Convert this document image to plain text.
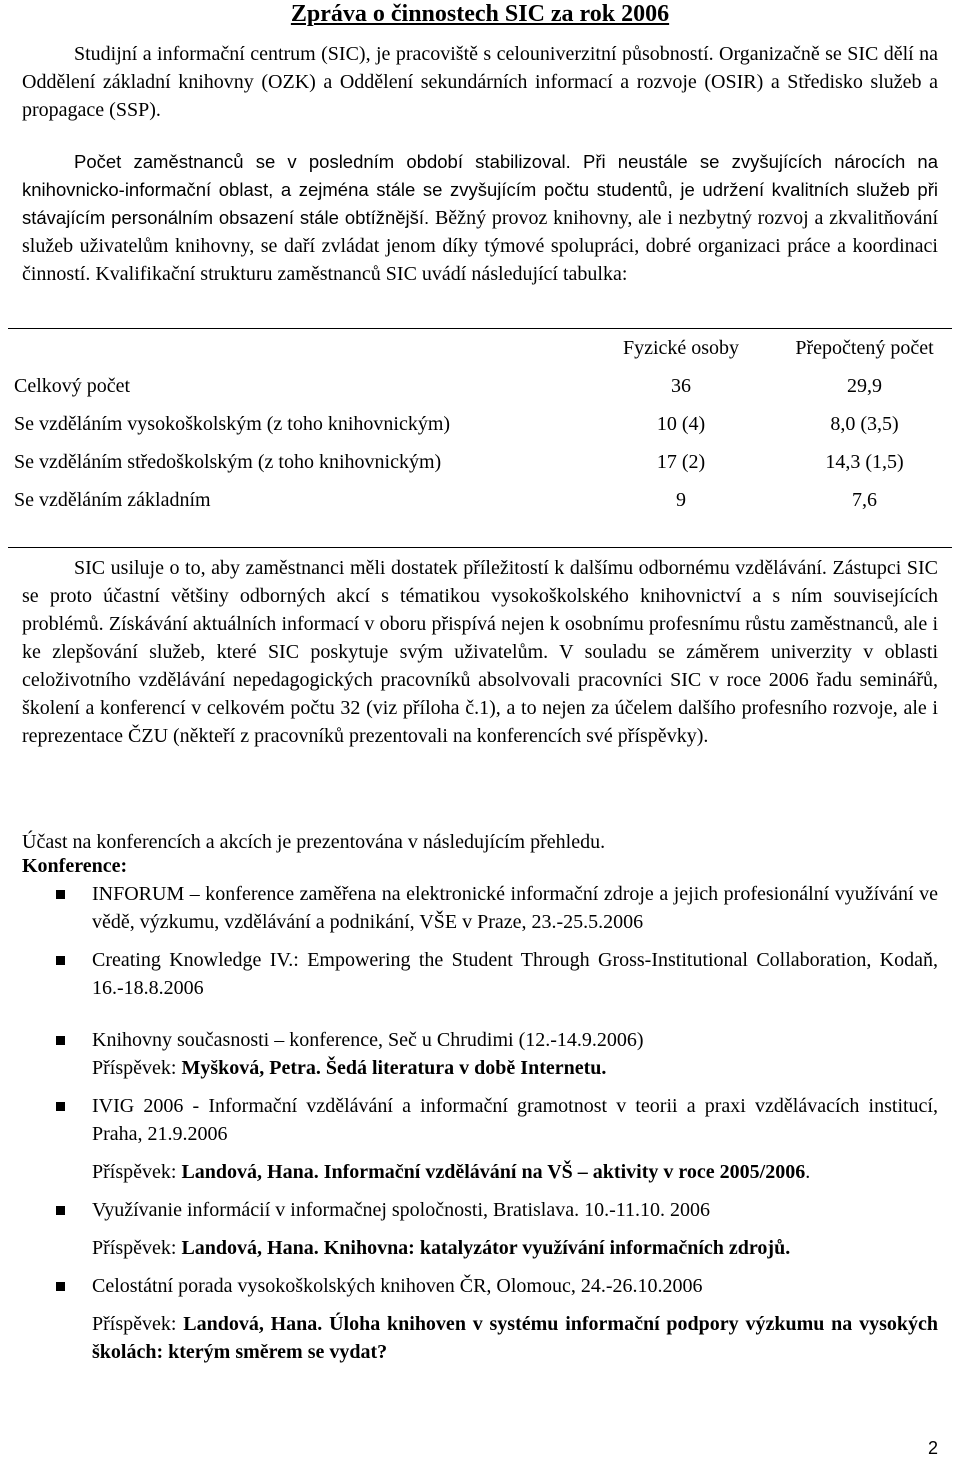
Zpráva o činnostech SIC za rok 2006

Studijní a informační centrum (SIC), je pracoviště s celouniverzitní působností. Organizačně se SIC dělí na Oddělení základní knihovny (OZK) a Oddělení sekundárních informací a rozvoje (OSIR) a Středisko služeb a propagace (SSP).

Počet zaměstnanců se v posledním období stabilizoval. Při neustále se zvyšujících nárocích na knihovnicko-informační oblast, a zejména stále se zvyšujícím počtu studentů, je udržení kvalitních služeb při stávajícím personálním obsazení stále obtížnější. Běžný provoz knihovny, ale i nezbytný rozvoj a zkvalitňování služeb uživatelům knihovny, se daří zvládat jenom díky týmové spolupráci, dobré organizaci práce a koordinaci činností. Kvalifikační strukturu zaměstnanců SIC uvádí následující tabulka:

	Fyzické osoby	Přepočtený počet
Celkový počet	36	29,9
Se vzděláním vysokoškolským (z toho knihovnickým)	10 (4)	8,0 (3,5)
Se vzděláním středoškolským (z toho knihovnickým)	17 (2)	14,3 (1,5)
Se vzděláním základním	9	7,6

SIC usiluje o to, aby zaměstnanci měli dostatek příležitostí k dalšímu odbornému vzdělávání. Zástupci SIC se proto účastní většiny odborných akcí s tématikou vysokoškolského knihovnictví a s ním souvisejících problémů. Získávání aktuálních informací v oboru přispívá nejen k osobnímu profesnímu růstu zaměstnanců, ale i ke zlepšování služeb, které SIC poskytuje svým uživatelům. V souladu se záměrem univerzity v oblasti celoživotního vzdělávání nepedagogických pracovníků absolvovali pracovníci SIC v roce 2006 řadu seminářů, školení a konferencí v celkovém počtu 32 (viz příloha č.1), a to nejen za účelem dalšího profesního rozvoje, ale i reprezentace ČZU (někteří z pracovníků prezentovali na konferencích své příspěvky).

Účast na konferencích a akcích je prezentována v následujícím přehledu.

Konference:

INFORUM – konference zaměřena na elektronické informační zdroje a jejich profesionální využívání ve vědě, výzkumu, vzdělávání a podnikání, VŠE v Praze, 23.-25.5.2006
Creating Knowledge IV.: Empowering the Student Through Gross-Institutional Collaboration, Kodaň, 16.-18.8.2006
Knihovny současnosti – konference, Seč u Chrudimi (12.-14.9.2006)
Příspěvek: Myšková, Petra. Šedá literatura v době Internetu.
IVIG 2006 - Informační vzdělávání a informační gramotnost v teorii a praxi vzdělávacích institucí, Praha, 21.9.2006
Příspěvek: Landová, Hana. Informační vzdělávání na VŠ – aktivity v roce 2005/2006.
Využívanie informácií v informačnej spoločnosti, Bratislava. 10.-11.10. 2006
Příspěvek: Landová, Hana. Knihovna: katalyzátor využívání informačních zdrojů.
Celostátní porada vysokoškolských knihoven ČR, Olomouc, 24.-26.10.2006
Příspěvek: Landová, Hana. Úloha knihoven v systému informační podpory výzkumu na vysokých školách: kterým směrem se vydat?
2
